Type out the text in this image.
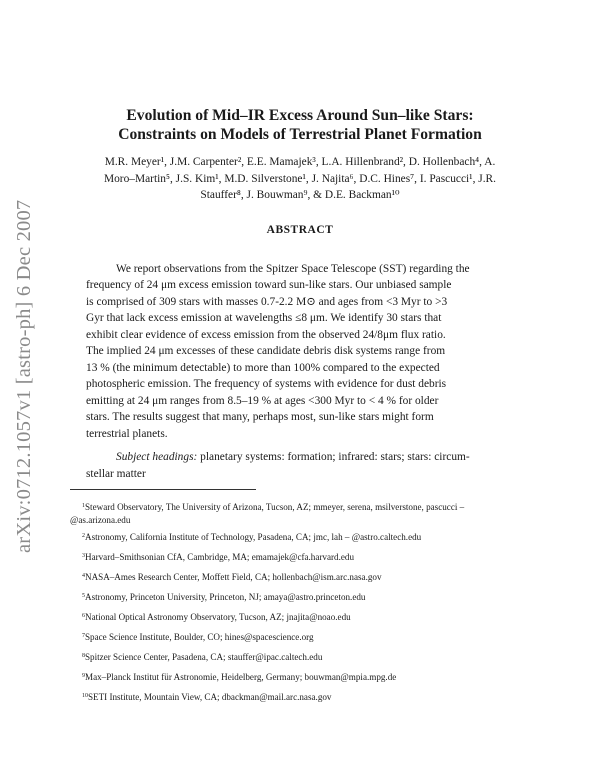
arXiv:0712.1057v1 [astro-ph] 6 Dec 2007
Evolution of Mid–IR Excess Around Sun–like Stars:
Constraints on Models of Terrestrial Planet Formation
M.R. Meyer¹, J.M. Carpenter², E.E. Mamajek³, L.A. Hillenbrand², D. Hollenbach⁴, A.
Moro–Martin⁵, J.S. Kim¹, M.D. Silverstone¹, J. Najita⁶, D.C. Hines⁷, I. Pascucci¹, J.R.
Stauffer⁸, J. Bouwman⁹, & D.E. Backman¹⁰
ABSTRACT
We report observations from the Spitzer Space Telescope (SST) regarding the
frequency of 24 μm excess emission toward sun-like stars. Our unbiased sample
is comprised of 309 stars with masses 0.7-2.2 M⊙ and ages from <3 Myr to >3
Gyr that lack excess emission at wavelengths ≤8 μm. We identify 30 stars that
exhibit clear evidence of excess emission from the observed 24/8μm flux ratio.
The implied 24 μm excesses of these candidate debris disk systems range from
13 % (the minimum detectable) to more than 100% compared to the expected
photospheric emission. The frequency of systems with evidence for dust debris
emitting at 24 μm ranges from 8.5–19 % at ages <300 Myr to < 4 % for older
stars. The results suggest that many, perhaps most, sun-like stars might form
terrestrial planets.
Subject headings: planetary systems: formation; infrared: stars; stars: circum-
stellar matter
$^1$Steward Observatory, The University of Arizona, Tucson, AZ; mmeyer, serena, msilverstone, pascucci –
@as.arizona.edu
$^2$Astronomy, California Institute of Technology, Pasadena, CA; jmc, lah – @astro.caltech.edu
$^3$Harvard–Smithsonian CfA, Cambridge, MA; emamajek@cfa.harvard.edu
$^4$NASA–Ames Research Center, Moffett Field, CA; hollenbach@ism.arc.nasa.gov
$^5$Astronomy, Princeton University, Princeton, NJ; amaya@astro.princeton.edu
$^6$National Optical Astronomy Observatory, Tucson, AZ; jnajita@noao.edu
$^7$Space Science Institute, Boulder, CO; hines@spacescience.org
$^8$Spitzer Science Center, Pasadena, CA; stauffer@ipac.caltech.edu
$^9$Max–Planck Institut für Astronomie, Heidelberg, Germany; bouwman@mpia.mpg.de
$^{10}$SETI Institute, Mountain View, CA; dbackman@mail.arc.nasa.gov
